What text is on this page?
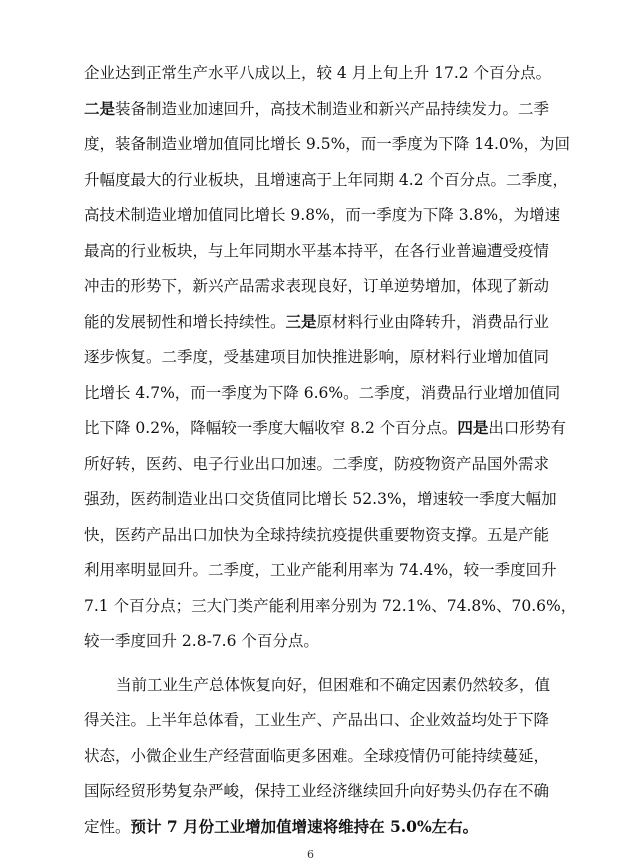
企业达到正常生产水平八成以上，较 4 月上旬上升 17.2 个百分点。
二是装备制造业加速回升，高技术制造业和新兴产品持续发力。二季
度，装备制造业增加值同比增长 9.5%，而一季度为下降 14.0%，为回
升幅度最大的行业板块，且增速高于上年同期 4.2 个百分点。二季度，
高技术制造业增加值同比增长 9.8%，而一季度为下降 3.8%，为增速
最高的行业板块，与上年同期水平基本持平，在各行业普遍遭受疫情
冲击的形势下，新兴产品需求表现良好，订单逆势增加，体现了新动
能的发展韧性和增长持续性。三是原材料行业由降转升，消费品行业
逐步恢复。二季度，受基建项目加快推进影响，原材料行业增加值同
比增长 4.7%，而一季度为下降 6.6%。二季度，消费品行业增加值同
比下降 0.2%，降幅较一季度大幅收窄 8.2 个百分点。四是出口形势有
所好转，医药、电子行业出口加速。二季度，防疫物资产品国外需求
强劲，医药制造业出口交货值同比增长 52.3%，增速较一季度大幅加
快，医药产品出口加快为全球持续抗疫提供重要物资支撑。五是产能
利用率明显回升。二季度，工业产能利用率为 74.4%，较一季度回升
7.1 个百分点；三大门类产能利用率分别为 72.1%、74.8%、70.6%，
较一季度回升 2.8-7.6 个百分点。
当前工业生产总体恢复向好，但困难和不确定因素仍然较多，值
得关注。上半年总体看，工业生产、产品出口、企业效益均处于下降
状态，小微企业生产经营面临更多困难。全球疫情仍可能持续蔓延，
6
国际经贸形势复杂严峻，保持工业经济继续回升向好势头仍存在不确
定性。预计 7 月份工业增加值增速将维持在 5.0%左右。
